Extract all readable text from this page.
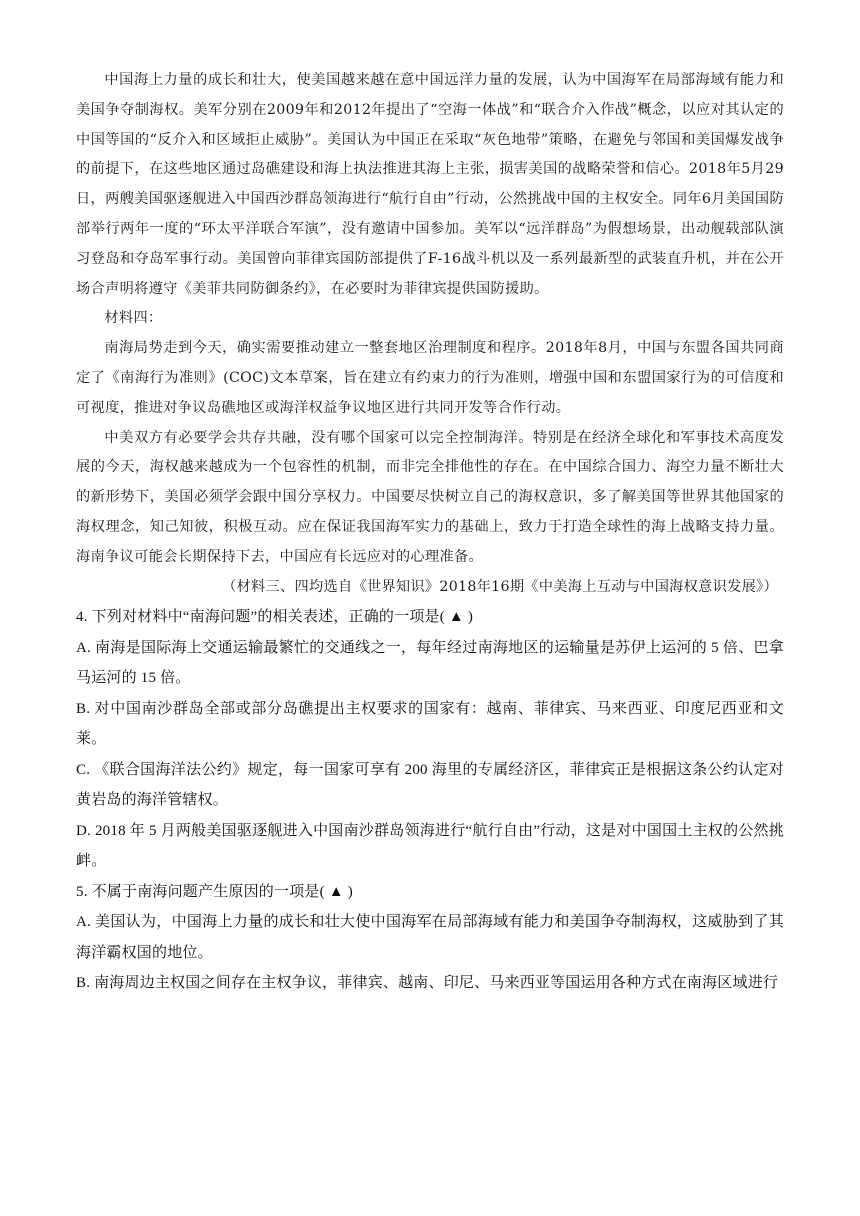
中国海上力量的成长和壮大，使美国越来越在意中国远洋力量的发展，认为中国海军在局部海域有能力和美国争夺制海权。美军分别在2009年和2012年提出了“空海一体战”和“联合介入作战”概念，以应对其认定的中国等国的“反介入和区域拒止威胁”。美国认为中国正在采取“灰色地带”策略，在避免与邻国和美国爆发战争的前提下，在这些地区通过岛礁建设和海上执法推进其海上主张，损害美国的战略荣誉和信心。2018年5月29日，两艘美国驱逐舰进入中国西沙群岛领海进行“航行自由”行动，公然挑战中国的主权安全。同年6月美国国防部举行两年一度的“环太平洋联合军演”，没有邀请中国参加。美军以“远洋群岛”为假想场景，出动舰载部队演习登岛和夺岛军事行动。美国曾向菲律宾国防部提供了F-16战斗机以及一系列最新型的武装直升机，并在公开场合声明将遵守《美菲共同防御条约》，在必要时为菲律宾提供国防援助。

材料四：

南海局势走到今天，确实需要推动建立一整套地区治理制度和程序。2018年8月，中国与东盟各国共同商定了《南海行为准则》(COC)文本草案，旨在建立有约束力的行为准则，增强中国和东盟国家行为的可信度和可视度，推进对争议岛礁地区或海洋权益争议地区进行共同开发等合作行动。

中美双方有必要学会共存共融，没有哪个国家可以完全控制海洋。特别是在经济全球化和军事技术高度发展的今天，海权越来越成为一个包容性的机制，而非完全排他性的存在。在中国综合国力、海空力量不断壮大的新形势下，美国必须学会跟中国分享权力。中国要尽快树立自己的海权意识，多了解美国等世界其他国家的海权理念，知己知彼，积极互动。应在保证我国海军实力的基础上，致力于打造全球性的海上战略支持力量。海南争议可能会长期保持下去，中国应有长远应对的心理准备。

（材料三、四均选自《世界知识》2018年16期《中美海上互动与中国海权意识发展》）

4. 下列对材料中“南海问题”的相关表述，正确的一项是( ▲ )

A. 南海是国际海上交通运输最繁忙的交通线之一，每年经过南海地区的运输量是苏伊上运河的 5 倍、巴拿马运河的 15 倍。

B. 对中国南沙群岛全部或部分岛礁提出主权要求的国家有：越南、菲律宾、马来西亚、印度尼西亚和文莱。

C. 《联合国海洋法公约》规定，每一国家可享有 200 海里的专属经济区，菲律宾正是根据这条公约认定对黄岩岛的海洋管辖权。

D. 2018 年 5 月两般美国驱逐舰进入中国南沙群岛领海进行“航行自由”行动，这是对中国国土主权的公然挑衅。

5. 不属于南海问题产生原因的一项是( ▲ )

A. 美国认为，中国海上力量的成长和壮大使中国海军在局部海域有能力和美国争夺制海权，这威胁到了其海洋霸权国的地位。

B. 南海周边主权国之间存在主权争议，菲律宾、越南、印尼、马来西亚等国运用各种方式在南海区域进行
